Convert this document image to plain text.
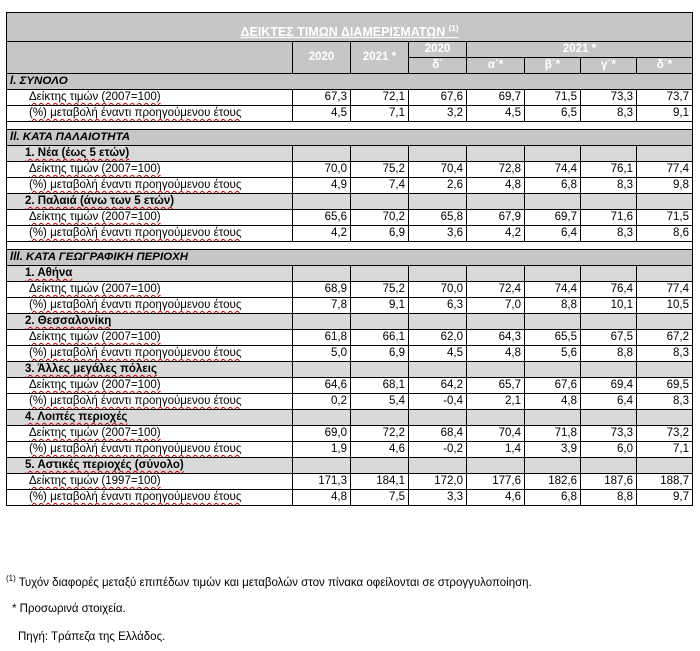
ΔΕΙΚΤΕΣ ΤΙΜΩΝ ΔΙΑΜΕΡΙΣΜΑΤΩΝ $^{(1)}$
	2020	2021 *	2020	2021 *			
			δ΄	α΄*	β΄*	γ΄*	δ΄*
I. ΣΥΝΟΛΟ							
Δείκτης τιμών (2007=100)	67,3	72,1	67,6	69,7	71,5	73,3	73,7
(%) μεταβολή έναντι προηγούμενου έτους	4,5	7,1	3,2	4,5	6,5	8,3	9,1

II. ΚΑΤΑ ΠΑΛΑΙΟΤΗΤΑ							
1. Νέα (έως 5 ετών)							
Δείκτης τιμών (2007=100)	70,0	75,2	70,4	72,8	74,4	76,1	77,4
(%) μεταβολή έναντι προηγούμενου έτους	4,9	7,4	2,6	4,8	6,8	8,3	9,8
2. Παλαιά (άνω των 5 ετών)							
Δείκτης τιμών (2007=100)	65,6	70,2	65,8	67,9	69,7	71,6	71,5
(%) μεταβολή έναντι προηγούμενου έτους	4,2	6,9	3,6	4,2	6,4	8,3	8,6

III. ΚΑΤΑ ΓΕΩΓΡΑΦΙΚΗ ΠΕΡΙΟΧΗ							
1. Αθήνα							
Δείκτης τιμών (2007=100)	68,9	75,2	70,0	72,4	74,4	76,4	77,4
(%) μεταβολή έναντι προηγούμενου έτους	7,8	9,1	6,3	7,0	8,8	10,1	10,5
2. Θεσσαλονίκη							
Δείκτης τιμών (2007=100)	61,8	66,1	62,0	64,3	65,5	67,5	67,2
(%) μεταβολή έναντι προηγούμενου έτους	5,0	6,9	4,5	4,8	5,6	8,8	8,3
3. Άλλες μεγάλες πόλεις							
Δείκτης τιμών (2007=100)	64,6	68,1	64,2	65,7	67,6	69,4	69,5
(%) μεταβολή έναντι προηγούμενου έτους	0,2	5,4	-0,4	2,1	4,8	6,4	8,3
4. Λοιπές περιοχές							
Δείκτης τιμών (2007=100)	69,0	72,2	68,4	70,4	71,8	73,3	73,2
(%) μεταβολή έναντι προηγούμενου έτους	1,9	4,6	-0,2	1,4	3,9	6,0	7,1
5. Αστικές περιοχές (σύνολο)							
Δείκτης τιμών (1997=100)	171,3	184,1	172,0	177,6	182,6	187,6	188,7
(%) μεταβολή έναντι προηγούμενου έτους	4,8	7,5	3,3	4,6	6,8	8,8	9,7
$^{(1)}$ Τυχόν διαφορές μεταξύ επιπέδων τιμών και μεταβολών στον πίνακα οφείλονται σε στρογγυλοποίηση.
* Προσωρινά στοιχεία.
Πηγή: Τράπεζα της Ελλάδος.
